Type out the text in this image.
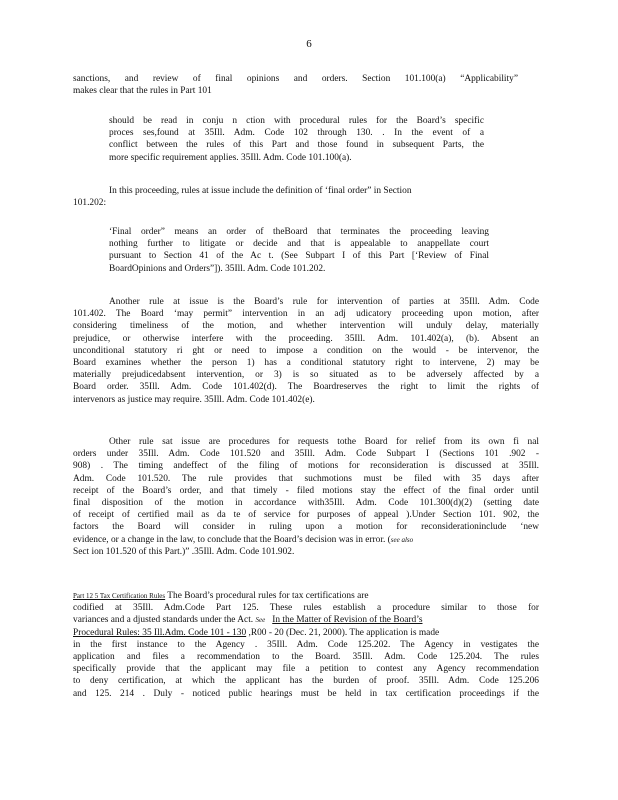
6
sanctions, and review of final opinions and orders. Section 101.100(a) “Applicability”
makes clear that the rules in Part 101
should be read in conju n ction with procedural rules for the Board’s specific
proces ses,found at 35Ill. Adm. Code 102 through 130. . In the event of a
conflict between the rules of this Part and those found in subsequent Parts, the
more specific requirement applies. 35Ill. Adm. Code 101.100(a).
In this proceeding, rules at issue include the definition of ‘final order” in Section
101.202:
‘Final order” means an order of theBoard that terminates the proceeding leaving
nothing further to litigate or decide and that is appealable to anappellate court
pursuant to Section 41 of the Ac t. (See Subpart I of this Part [‘Review of Final
BoardOpinions and Orders”]). 35Ill. Adm. Code 101.202.
Another rule at issue is the Board’s rule for intervention of parties at 35Ill. Adm. Code
101.402. The Board ‘may permit” intervention in an adj udicatory proceeding upon motion, after
considering timeliness of the motion, and whether intervention will unduly delay, materially
prejudice, or otherwise interfere with the proceeding. 35Ill. Adm. 101.402(a), (b). Absent an
unconditional statutory ri ght or need to impose a condition on the would - be intervenor, the
Board examines whether the person 1) has a conditional statutory right to intervene, 2) may be
materially prejudicedabsent intervention, or 3) is so situated as to be adversely affected by a
Board order. 35Ill. Adm. Code 101.402(d). The Boardreserves the right to limit the rights of
intervenors as justice may require. 35Ill. Adm. Code 101.402(e).
Other rule sat issue are procedures for requests tothe Board for relief from its own fi nal
orders under 35Ill. Adm. Code 101.520 and 35Ill. Adm. Code Subpart I (Sections 101 .902 -
908) . The timing andeffect of the filing of motions for reconsideration is discussed at 35Ill.
Adm. Code 101.520. The rule provides that suchmotions must be filed with 35 days after
receipt of the Board’s order, and that timely - filed motions stay the effect of the final order until
final disposition of the motion in accordance with35Ill. Adm. Code 101.300(d)(2) (setting date
of receipt of certified mail as da te of service for purposes of appeal ).Under Section 101. 902, the
factors the Board will consider in ruling upon a motion for reconsiderationinclude ‘new
evidence, or a change in the law, to conclude that the Board’s decision was in error. (see also
Sect ion 101.520 of this Part.)” .35Ill. Adm. Code 101.902.
Part 12 5 Tax Certification Rules The Board’s procedural rules for tax certifications are
codified at 35Ill. Adm.Code Part 125. These rules establish a procedure similar to those for
variances and a djusted standards under the Act. See In the Matter of Revision of the Board’s
Procedural Rules: 35 Ill.Adm. Code 101 - 130 ,R00 - 20 (Dec. 21, 2000). The application is made
in the first instance to the Agency . 35Ill. Adm. Code 125.202. The Agency in vestigates the
application and files a recommendation to the Board. 35Ill. Adm. Code 125.204. The rules
specifically provide that the applicant may file a petition to contest any Agency recommendation
to deny certification, at which the applicant has the burden of proof. 35Ill. Adm. Code 125.206
and 125. 214 . Duly - noticed public hearings must be held in tax certification proceedings if the
